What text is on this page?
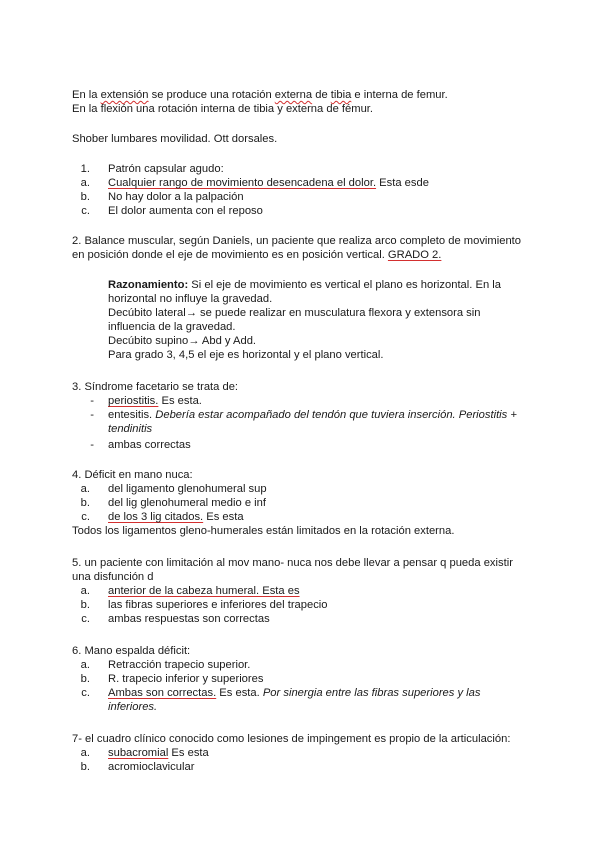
En la extensión se produce una rotación externa de tibia e interna de femur.
En la flexión una rotación interna de tibia y externa de fémur.
Shober lumbares movilidad. Ott dorsales.
1. Patrón capsular agudo:
a. Cualquier rango de movimiento desencadena el dolor. Esta esde
b. No hay dolor a la palpación
c. El dolor aumenta con el reposo
2. Balance muscular, según Daniels, un paciente que realiza arco completo de movimiento
en posición donde el eje de movimiento es en posición vertical. GRADO 2.
Razonamiento: Si el eje de movimiento es vertical el plano es horizontal. En la
horizontal no influye la gravedad.
Decúbito lateral→ se puede realizar en musculatura flexora y extensora sin
influencia de la gravedad.
Decúbito supino→ Abd y Add.
Para grado 3, 4,5 el eje es horizontal y el plano vertical.
3. Síndrome facetario se trata de:
- periostitis. Es esta.
- entesitis. Debería estar acompañado del tendón que tuviera inserción. Periostitis +
tendinitis
- ambas correctas
4. Déficit en mano nuca:
a. del ligamento glenohumeral sup
b. del lig glenohumeral medio e inf
c. de los 3 lig citados. Es esta
Todos los ligamentos gleno-humerales están limitados en la rotación externa.
5. un paciente con limitación al mov mano- nuca nos debe llevar a pensar q pueda existir
una disfunción d
a. anterior de la cabeza humeral. Esta es
b. las fibras superiores e inferiores del trapecio
c. ambas respuestas son correctas
6. Mano espalda déficit:
a. Retracción trapecio superior.
b. R. trapecio inferior y superiores
c. Ambas son correctas. Es esta. Por sinergia entre las fibras superiores y las
inferiores.
7- el cuadro clínico conocido como lesiones de impingement es propio de la articulación:
a. subacromial Es esta
b. acromioclavicular
